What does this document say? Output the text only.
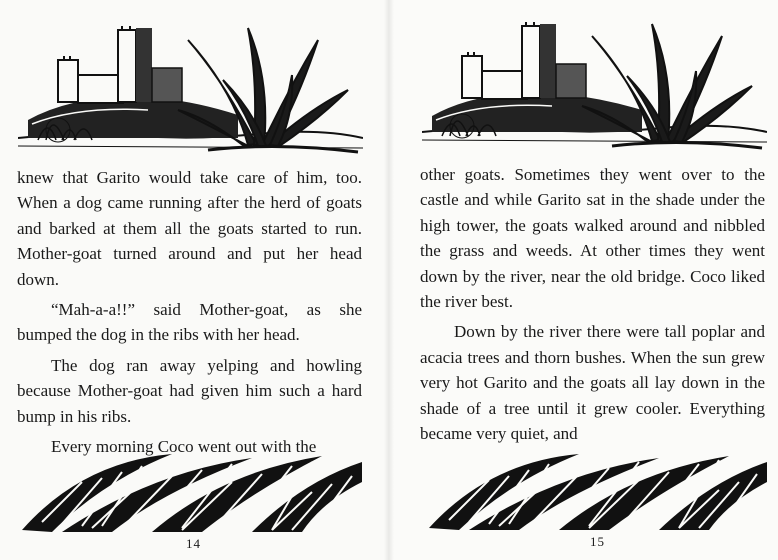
knew that Garito would take care of him, too. When a dog came running after the herd of goats and barked at them all the goats started to run. Mother-goat turned around and put her head down.

“Mah-a-a!!” said Mother-goat, as she bumped the dog in the ribs with her head.

The dog ran away yelping and howling because Mother-goat had given him such a hard bump in his ribs.

Every morning Coco went out with the

14

other goats. Sometimes they went over to the castle and while Garito sat in the shade under the high tower, the goats walked around and nibbled the grass and weeds. At other times they went down by the river, near the old bridge. Coco liked the river best.

Down by the river there were tall poplar and acacia trees and thorn bushes. When the sun grew very hot Garito and the goats all lay down in the shade of a tree until it grew cooler. Everything became very quiet, and

15
